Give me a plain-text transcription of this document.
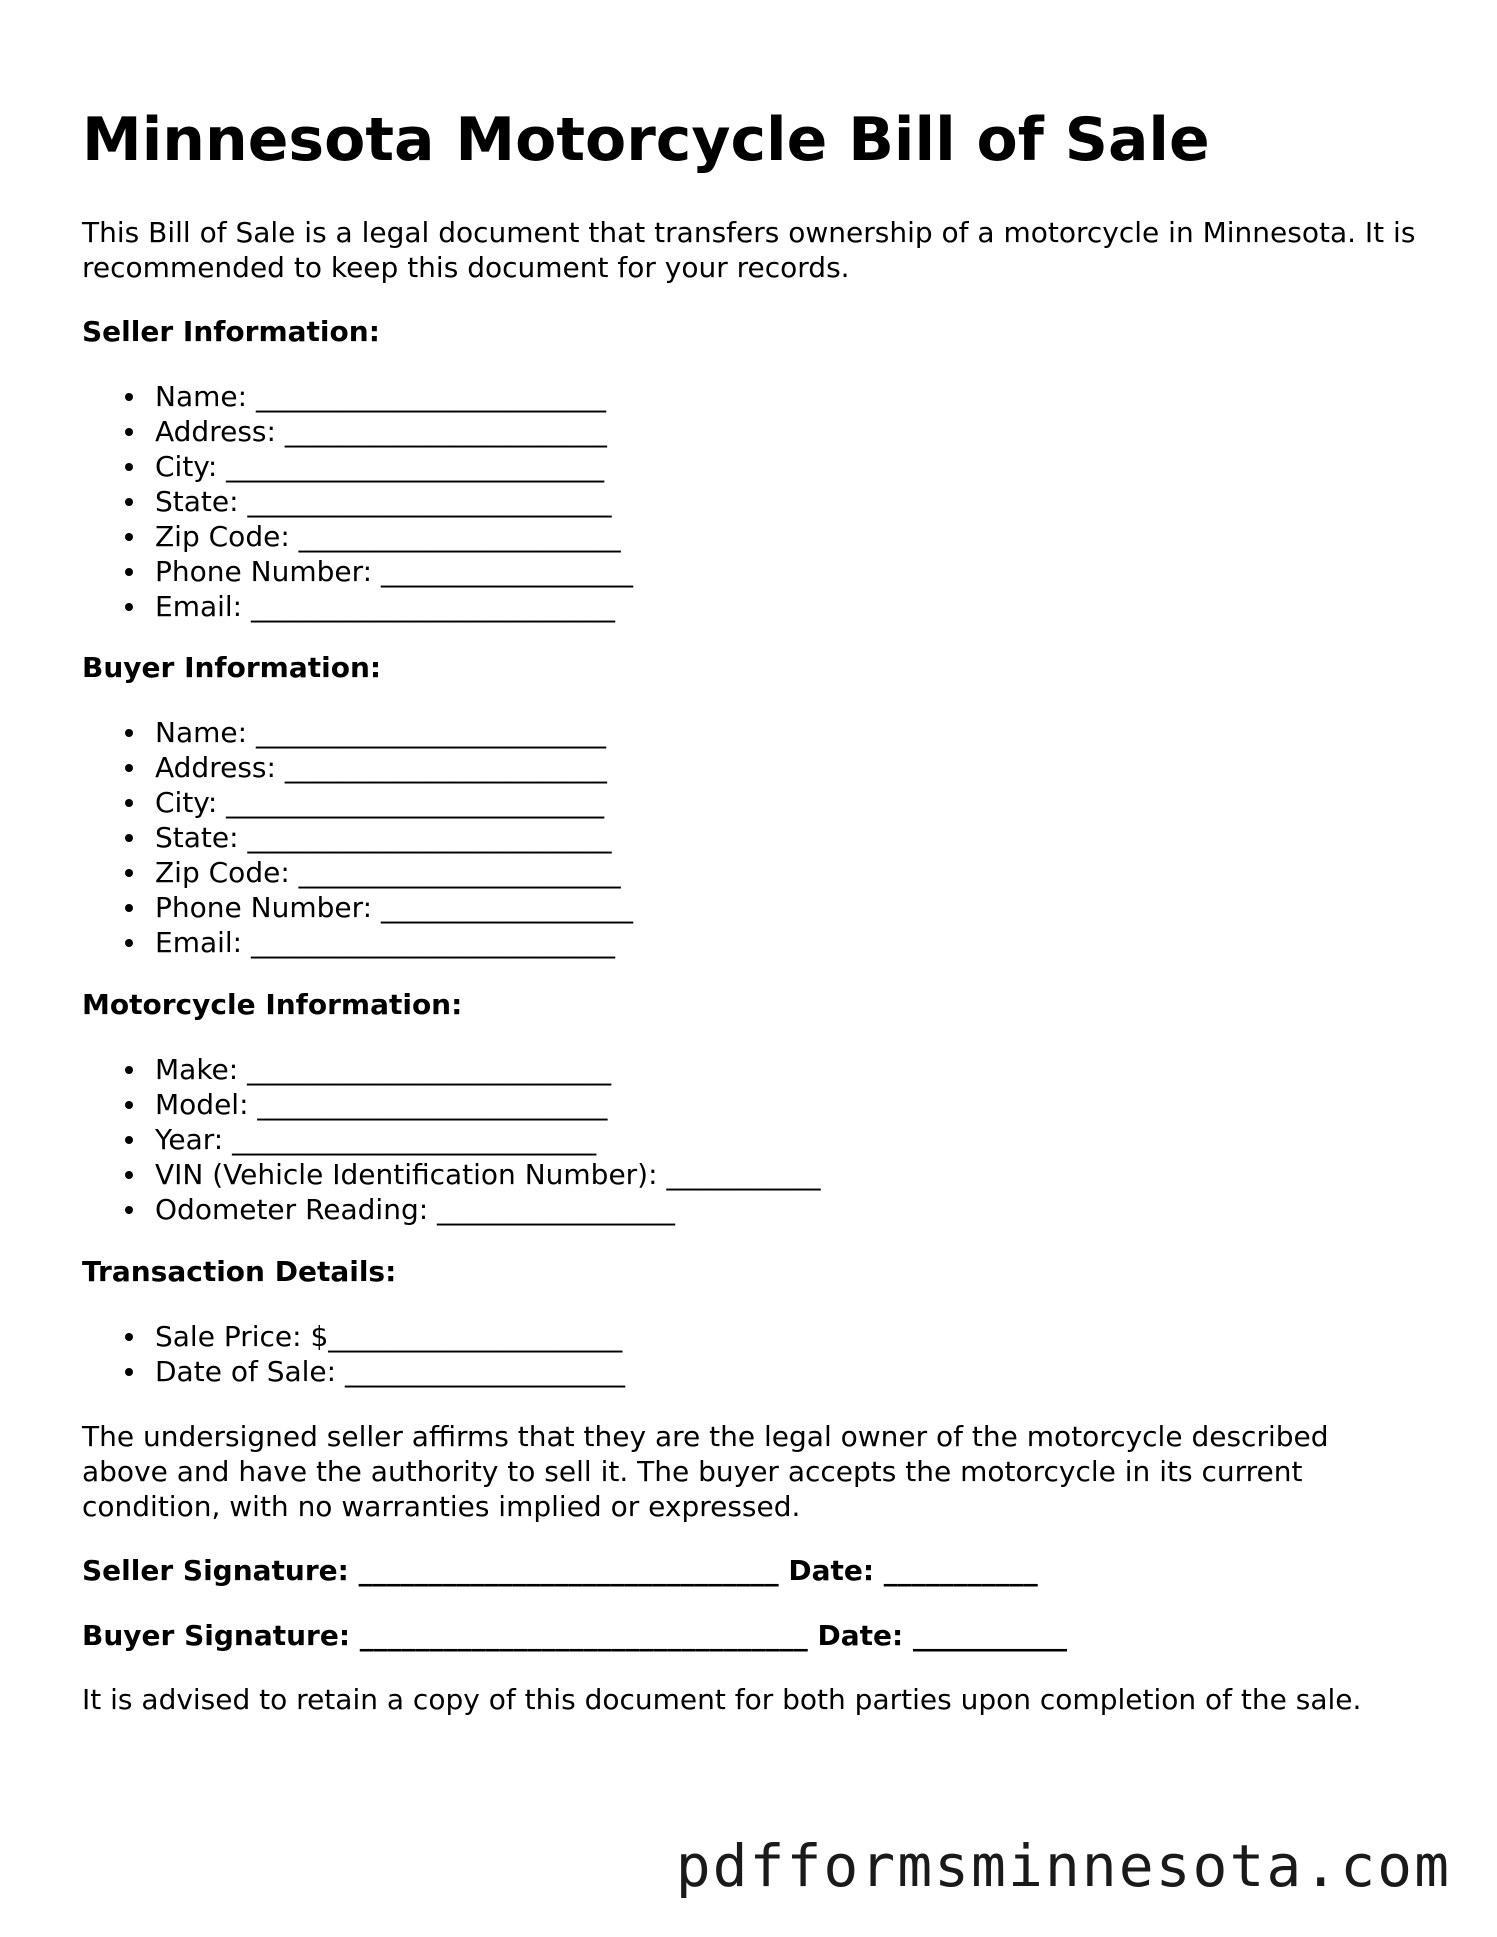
Minnesota Motorcycle Bill of Sale

This Bill of Sale is a legal document that transfers ownership of a motorcycle in Minnesota. It is recommended to keep this document for your records.

Seller Information:

Name: _________________________
Address: _______________________
City: ___________________________
State: __________________________
Zip Code: _______________________
Phone Number: __________________
Email: __________________________

Buyer Information:

Name: _________________________
Address: _______________________
City: ___________________________
State: __________________________
Zip Code: _______________________
Phone Number: __________________
Email: __________________________

Motorcycle Information:

Make: __________________________
Model: _________________________
Year: __________________________
VIN (Vehicle Identification Number): ___________
Odometer Reading: _________________

Transaction Details:

Sale Price: $_____________________
Date of Sale: ____________________

The undersigned seller affirms that they are the legal owner of the motorcycle described above and have the authority to sell it. The buyer accepts the motorcycle in its current condition, with no warranties implied or expressed.

Seller Signature: ______________________________ Date: ___________

Buyer Signature: ________________________________ Date: ___________

It is advised to retain a copy of this document for both parties upon completion of the sale.

pdfformsminnesota.com
